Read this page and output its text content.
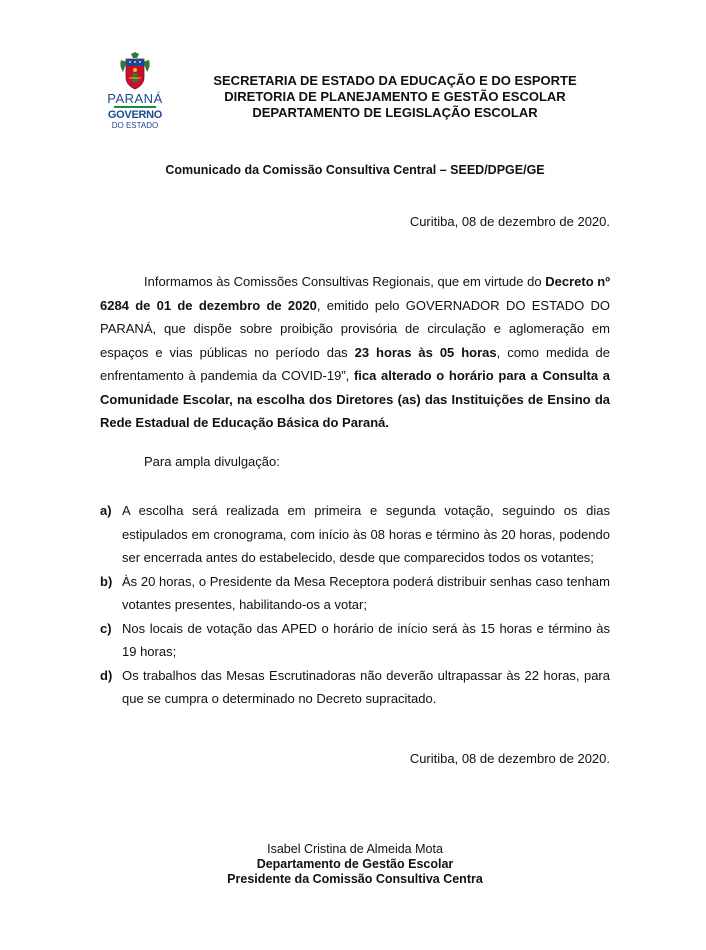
PARANÁ
GOVERNO
DO ESTADO
SECRETARIA DE ESTADO DA EDUCAÇÃO E DO ESPORTE
DIRETORIA DE PLANEJAMENTO E GESTÃO ESCOLAR
DEPARTAMENTO DE LEGISLAÇÃO ESCOLAR
Comunicado da Comissão Consultiva Central – SEED/DPGE/GE
Curitiba, 08 de dezembro de 2020.

Informamos às Comissões Consultivas Regionais, que em virtude do Decreto nº 6284 de 01 de dezembro de 2020, emitido pelo GOVERNADOR DO ESTADO DO PARANÁ, que dispõe sobre proibição provisória de circulação e aglomeração em espaços e vias públicas no período das 23 horas às 05 horas, como medida de enfrentamento à pandemia da COVID-19”, fica alterado o horário para a Consulta a Comunidade Escolar, na escolha dos Diretores (as) das Instituições de Ensino da Rede Estadual de Educação Básica do Paraná.

Para ampla divulgação:
a) A escolha será realizada em primeira e segunda votação, seguindo os dias estipulados em cronograma, com início às 08 horas e término às 20 horas, podendo ser encerrada antes do estabelecido, desde que comparecidos todos os votantes;
b) Às 20 horas, o Presidente da Mesa Receptora poderá distribuir senhas caso tenham votantes presentes, habilitando-os a votar;
c) Nos locais de votação das APED o horário de início será às 15 horas e término às 19 horas;
d) Os trabalhos das Mesas Escrutinadoras não deverão ultrapassar às 22 horas, para que se cumpra o determinado no Decreto supracitado.
Curitiba, 08 de dezembro de 2020.
Isabel Cristina de Almeida Mota
Departamento de Gestão Escolar
Presidente da Comissão Consultiva Centra
